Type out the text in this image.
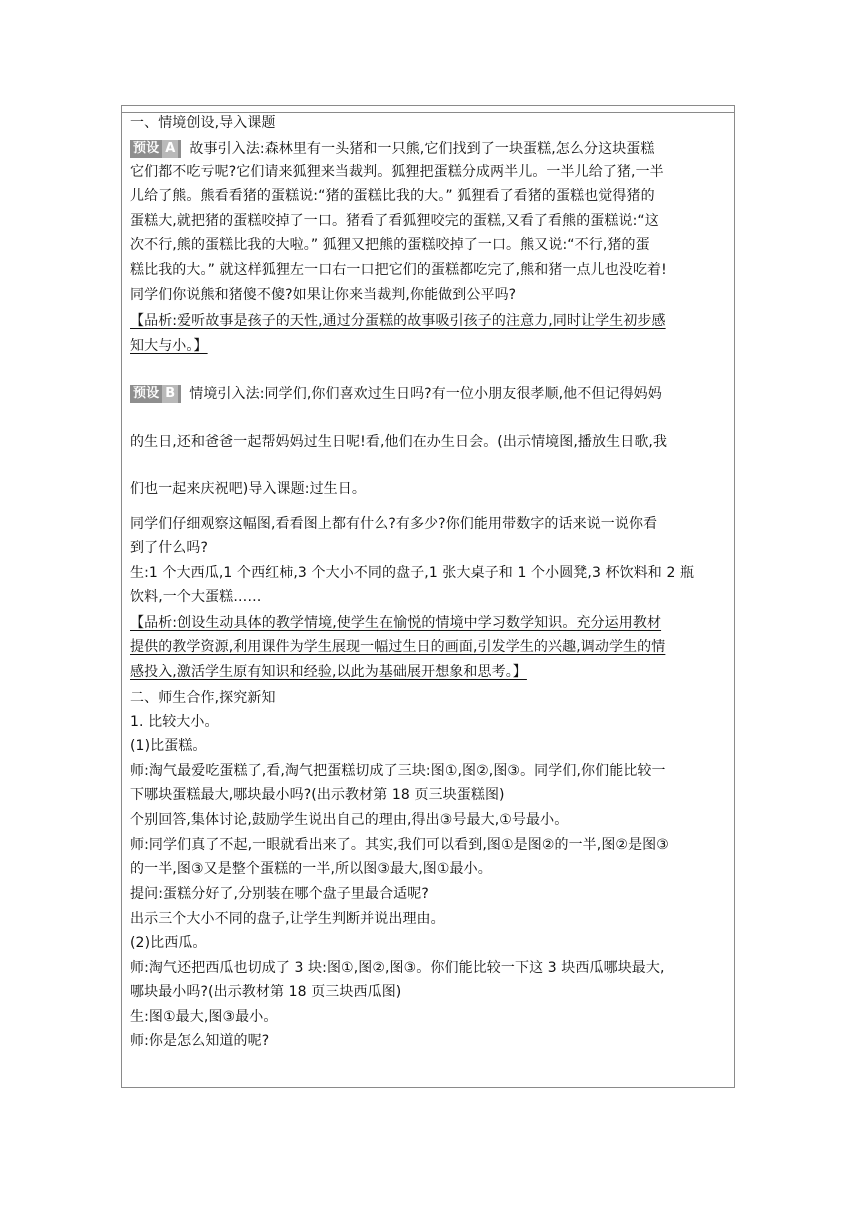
一、情境创设,导入课题
预设 A 故事引入法:森林里有一头猪和一只熊,它们找到了一块蛋糕,怎么分这块蛋糕
它们都不吃亏呢?它们请来狐狸来当裁判。狐狸把蛋糕分成两半儿。一半儿给了猪,一半
儿给了熊。熊看看猪的蛋糕说:“猪的蛋糕比我的大。” 狐狸看了看猪的蛋糕也觉得猪的
蛋糕大,就把猪的蛋糕咬掉了一口。猪看了看狐狸咬完的蛋糕,又看了看熊的蛋糕说:“这
次不行,熊的蛋糕比我的大啦。” 狐狸又把熊的蛋糕咬掉了一口。熊又说:“不行,猪的蛋
糕比我的大。” 就这样狐狸左一口右一口把它们的蛋糕都吃完了,熊和猪一点儿也没吃着!
同学们你说熊和猪傻不傻?如果让你来当裁判,你能做到公平吗?
【品析:爱听故事是孩子的天性,通过分蛋糕的故事吸引孩子的注意力,同时让学生初步感
知大与小。】
预设 B 情境引入法:同学们,你们喜欢过生日吗?有一位小朋友很孝顺,他不但记得妈妈
的生日,还和爸爸一起帮妈妈过生日呢!看,他们在办生日会。(出示情境图,播放生日歌,我
们也一起来庆祝吧)导入课题:过生日。
同学们仔细观察这幅图,看看图上都有什么?有多少?你们能用带数字的话来说一说你看
到了什么吗?
生:1 个大西瓜,1 个西红柿,3 个大小不同的盘子,1 张大桌子和 1 个小圆凳,3 杯饮料和 2 瓶
饮料,一个大蛋糕……
【品析:创设生动具体的教学情境,使学生在愉悦的情境中学习数学知识。充分运用教材
提供的教学资源,利用课件为学生展现一幅过生日的画面,引发学生的兴趣,调动学生的情
感投入,激活学生原有知识和经验,以此为基础展开想象和思考。】
二、师生合作,探究新知
1. 比较大小。
(1)比蛋糕。
师:淘气最爱吃蛋糕了,看,淘气把蛋糕切成了三块:图①,图②,图③。同学们,你们能比较一
下哪块蛋糕最大,哪块最小吗?(出示教材第 18 页三块蛋糕图)
个别回答,集体讨论,鼓励学生说出自己的理由,得出③号最大,①号最小。
师:同学们真了不起,一眼就看出来了。其实,我们可以看到,图①是图②的一半,图②是图③
的一半,图③又是整个蛋糕的一半,所以图③最大,图①最小。
提问:蛋糕分好了,分别装在哪个盘子里最合适呢?
出示三个大小不同的盘子,让学生判断并说出理由。
(2)比西瓜。
师:淘气还把西瓜也切成了 3 块:图①,图②,图③。你们能比较一下这 3 块西瓜哪块最大,
哪块最小吗?(出示教材第 18 页三块西瓜图)
生:图①最大,图③最小。
师:你是怎么知道的呢?
